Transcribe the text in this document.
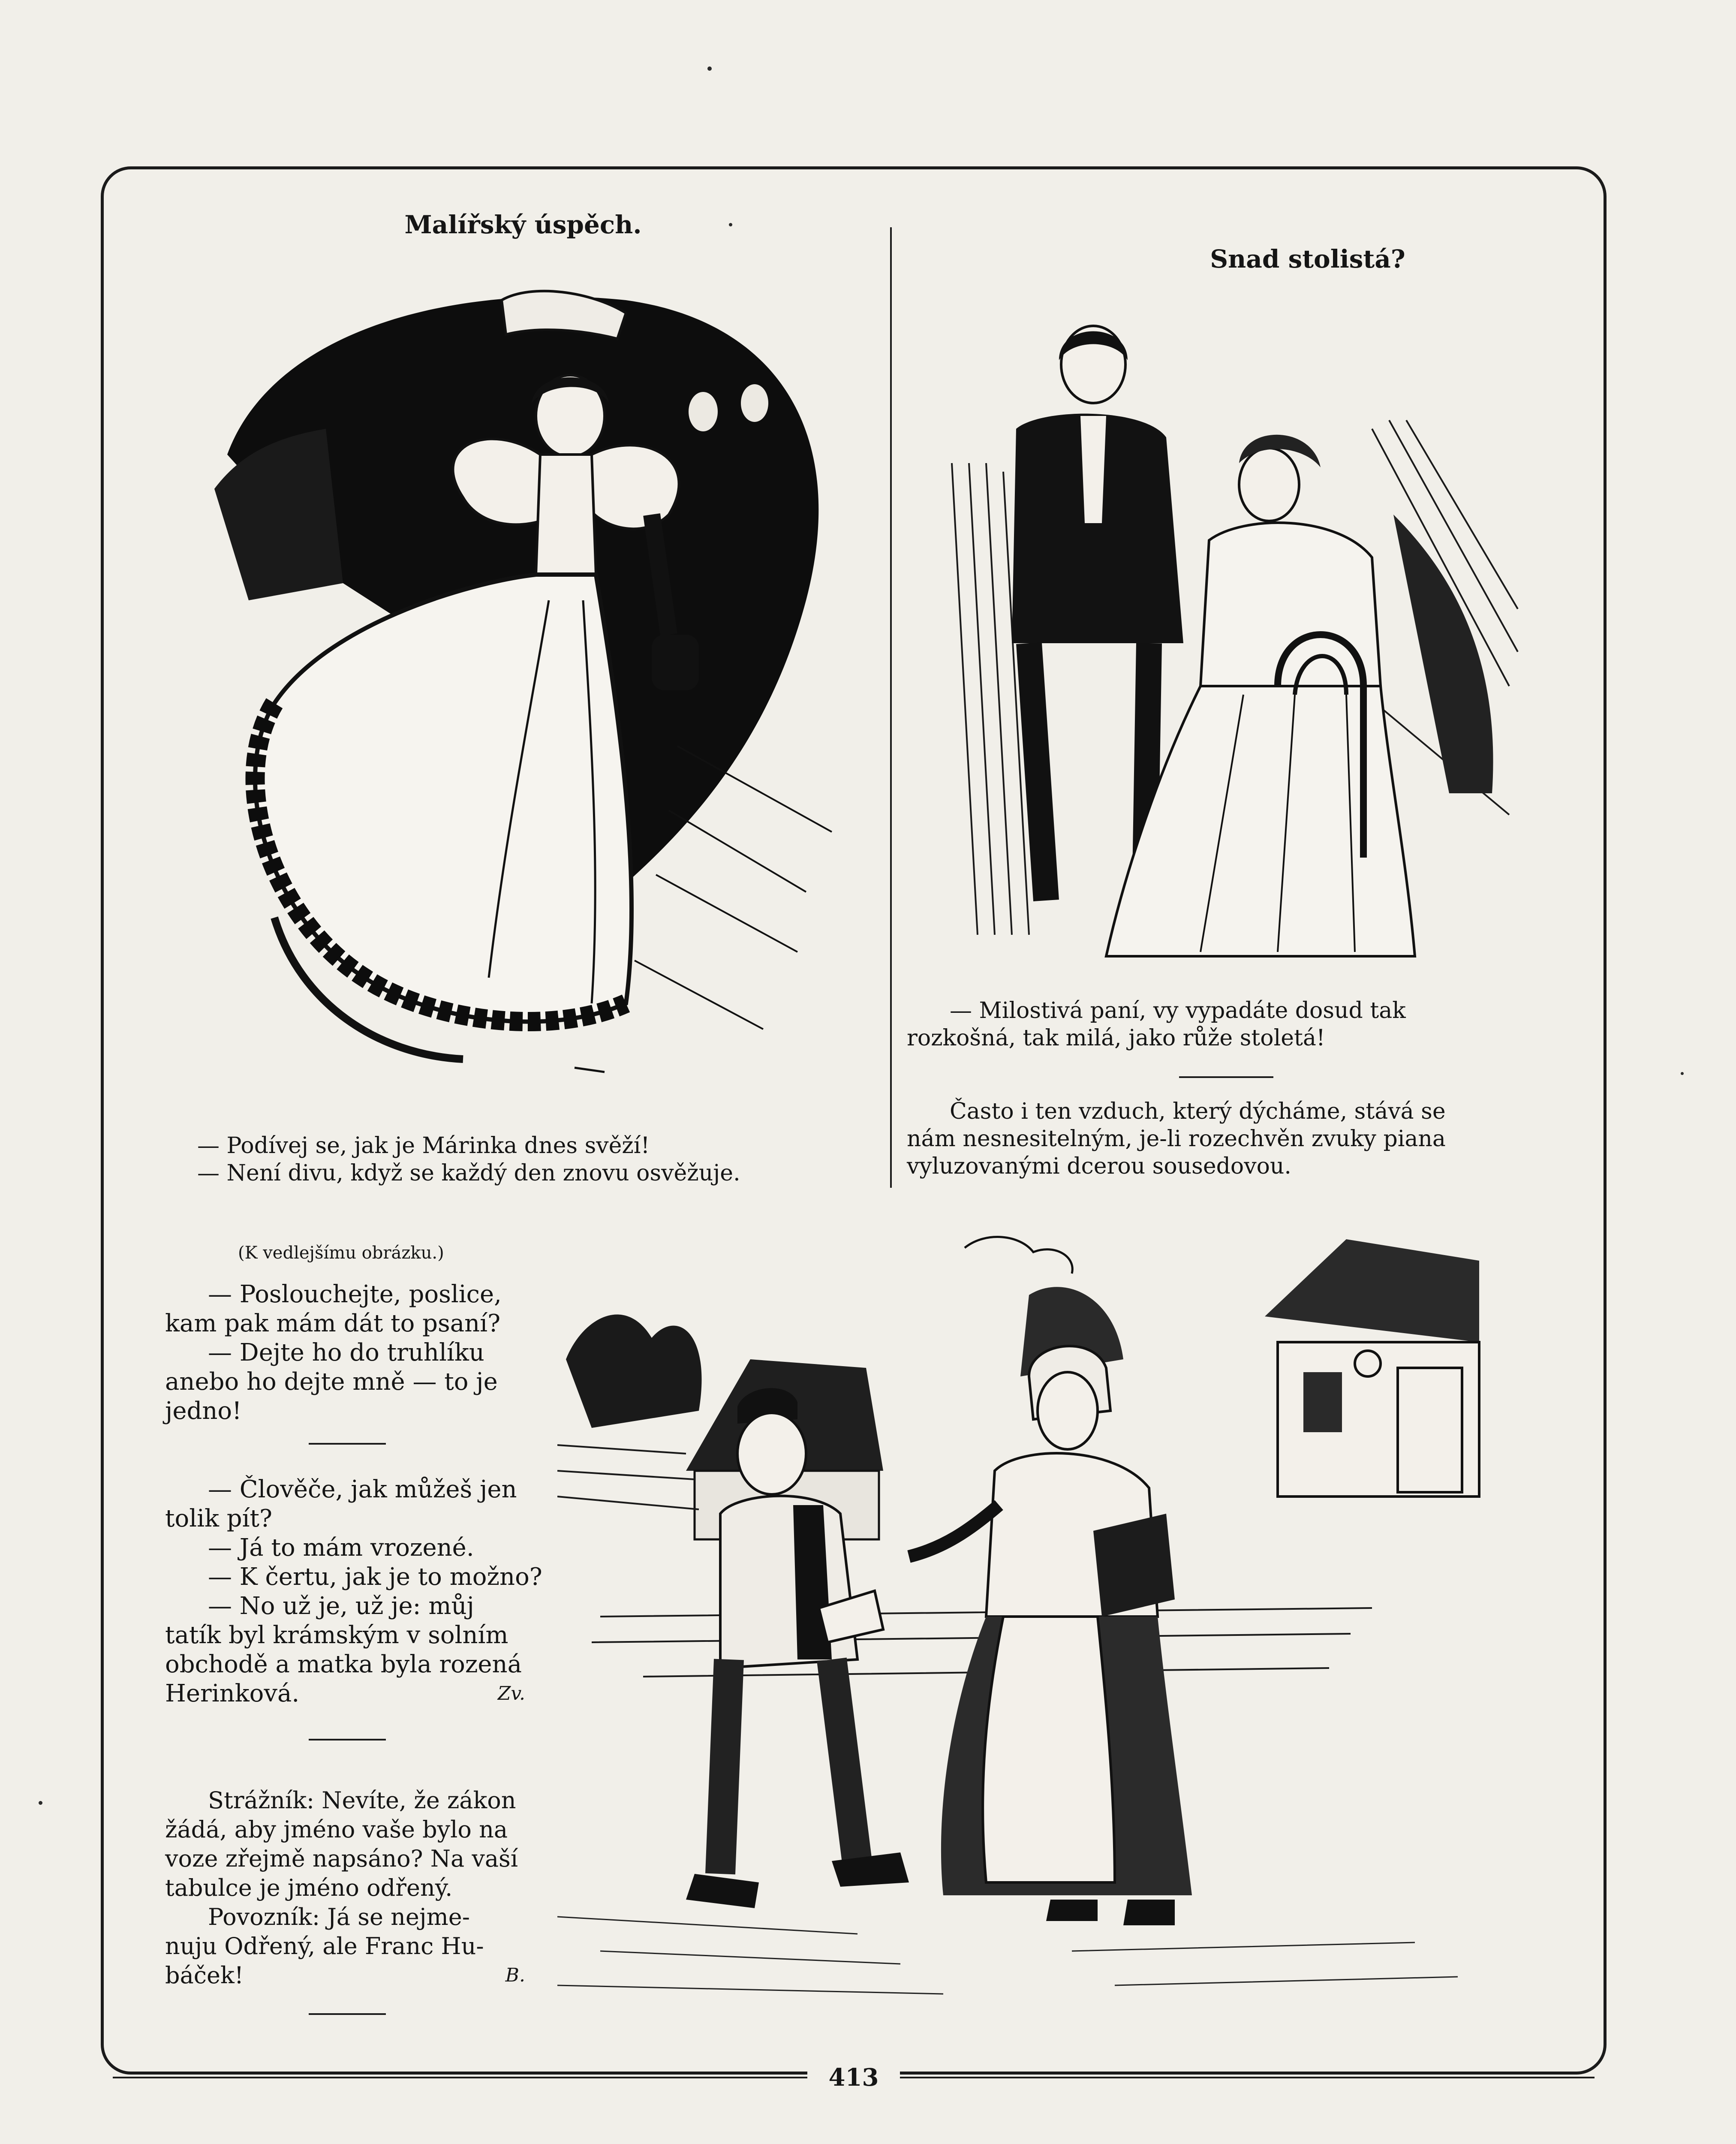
Malířský úspěch.
— Podívej se, jak je Márinka dnes svěží!
— Není divu, když se každý den znovu osvěžuje.
Snad stolistá?
— Milostivá paní, vy vypadáte dosud tak
rozkošná, tak milá, jako růže stoletá!
Často i ten vzduch, který dýcháme, stává se
nám nesnesitelným, je-li rozechvěn zvuky piana
vyluzovanými dcerou sousedovou.
(K vedlejšímu obrázku.)
— Poslouchejte, poslice,
kam pak mám dát to psaní?
— Dejte ho do truhlíku
anebo ho dejte mně — to je
jedno!
— Člověče, jak můžeš jen
tolik pít?
— Já to mám vrozené.
— K čertu, jak je to možno?
— No už je, už je: můj
tatík byl krámským v solním
obchodě a matka byla rozená
Herinková.	Zv.
Strážník: Nevíte, že zákon
žádá, aby jméno vaše bylo na
voze zřejmě napsáno? Na vaší
tabulce je jméno odřený.
Povozník: Já se nejme-
nuju Odřený, ale Franc Hu-
báček!	B.
413
